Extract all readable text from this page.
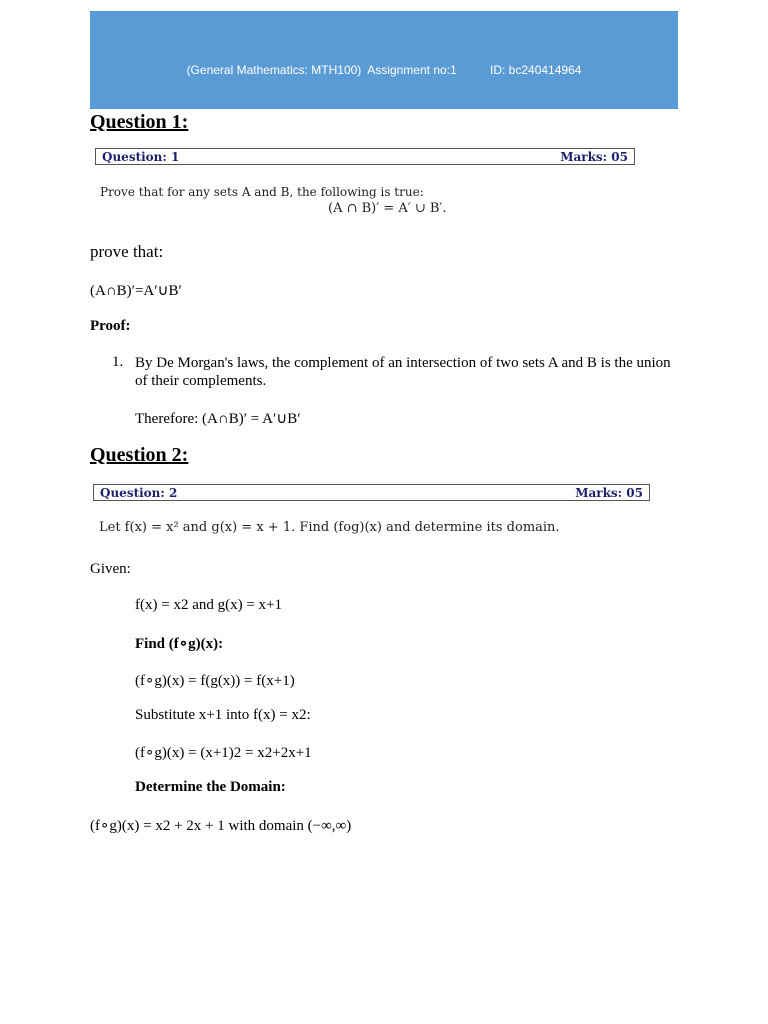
(General Mathematics: MTH100)  Assignment no:1          ID: bc240414964
Question 1:
Question: 1	Marks: 05
Prove that for any sets A and B, the following is true:
(A ∩ B)′ = A′ ∪ B′.
prove that:
(A∩B)′=A′∪B′
Proof:
1. By De Morgan's laws, the complement of an intersection of two sets A and B is the union of their complements.
Therefore: (A∩B)′ = A′∪B′
Question 2:
Question: 2	Marks: 05
Let f(x) = x² and g(x) = x + 1. Find (fog)(x) and determine its domain.
Given:
f(x) = x2 and g(x) = x+1
Find (f∘g)(x):
(f∘g)(x) = f(g(x)) = f(x+1)
Substitute x+1 into f(x) = x2:
(f∘g)(x) = (x+1)2 = x2+2x+1
Determine the Domain:
(f∘g)(x) = x2 + 2x + 1 with domain (−∞,∞)
